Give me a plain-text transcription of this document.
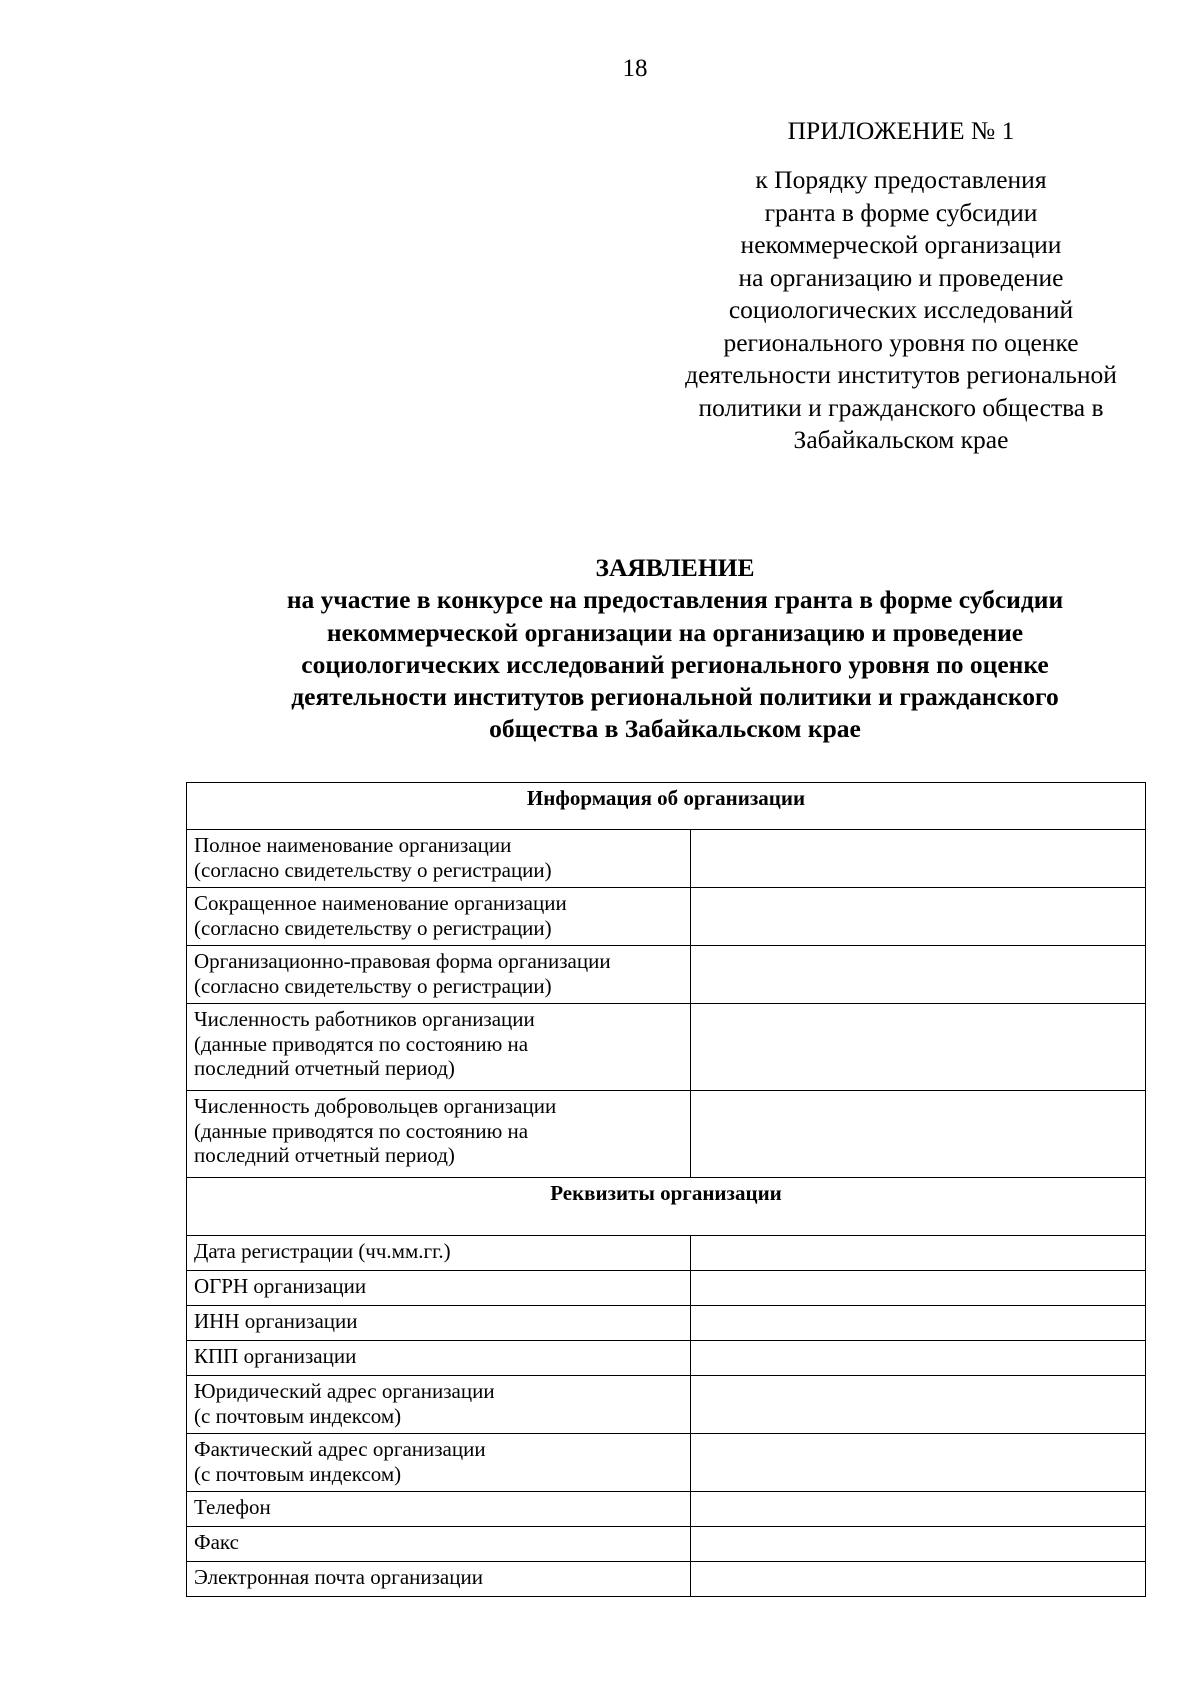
18
ПРИЛОЖЕНИЕ № 1
к Порядку предоставления
гранта в форме субсидии
некоммерческой организации
на организацию и проведение
социологических исследований
регионального уровня по оценке
деятельности институтов региональной
политики и гражданского общества в
Забайкальском крае
ЗАЯВЛЕНИЕ
на участие в конкурсе на предоставления гранта в форме субсидии
некоммерческой организации на организацию и проведение
социологических исследований регионального уровня по оценке
деятельности институтов региональной политики и гражданского
общества в Забайкальском крае
Информация об организации	

Полное наименование организации
(согласно свидетельству о регистрации)	

Сокращенное наименование организации
(согласно свидетельству о регистрации)	

Организационно-правовая форма организации
(согласно свидетельству о регистрации)	

Численность работников организации
(данные приводятся по состоянию на
последний отчетный период)	

Численность добровольцев организации
(данные приводятся по состоянию на
последний отчетный период)	

Реквизиты организации	

Дата регистрации (чч.мм.гг.)	

ОГРН организации	

ИНН организации	

КПП организации	

Юридический адрес организации
(с почтовым индексом)	

Фактический адрес организации
(с почтовым индексом)	

Телефон	

Факс	

Электронная почта организации	
